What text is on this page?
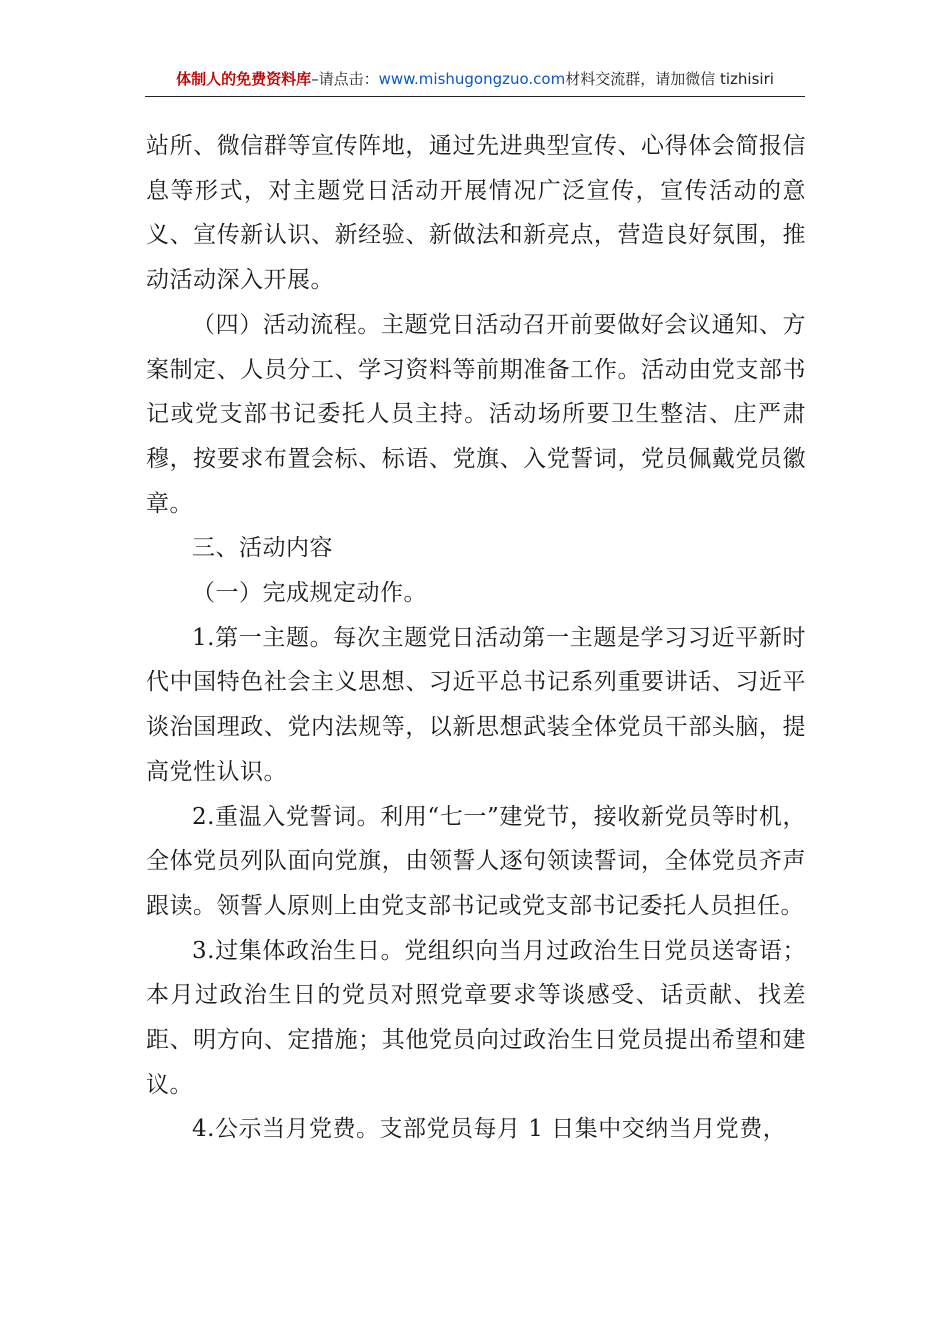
体制人的免费资料库–请点击：www.mishugongzuo.com材料交流群，请加微信 tizhisiri

站所、微信群等宣传阵地，通过先进典型宣传、心得体会简报信息等形式，对主题党日活动开展情况广泛宣传，宣传活动的意义、宣传新认识、新经验、新做法和新亮点，营造良好氛围，推动活动深入开展。

（四）活动流程。主题党日活动召开前要做好会议通知、方案制定、人员分工、学习资料等前期准备工作。活动由党支部书记或党支部书记委托人员主持。活动场所要卫生整洁、庄严肃穆，按要求布置会标、标语、党旗、入党誓词，党员佩戴党员徽章。

三、活动内容

（一）完成规定动作。

1.第一主题。每次主题党日活动第一主题是学习习近平新时代中国特色社会主义思想、习近平总书记系列重要讲话、习近平谈治国理政、党内法规等，以新思想武装全体党员干部头脑，提高党性认识。

2.重温入党誓词。利用“七一”建党节，接收新党员等时机，全体党员列队面向党旗，由领誓人逐句领读誓词，全体党员齐声跟读。领誓人原则上由党支部书记或党支部书记委托人员担任。

3.过集体政治生日。党组织向当月过政治生日党员送寄语；本月过政治生日的党员对照党章要求等谈感受、话贡献、找差距、明方向、定措施；其他党员向过政治生日党员提出希望和建议。

4.公示当月党费。支部党员每月 1 日集中交纳当月党费，
